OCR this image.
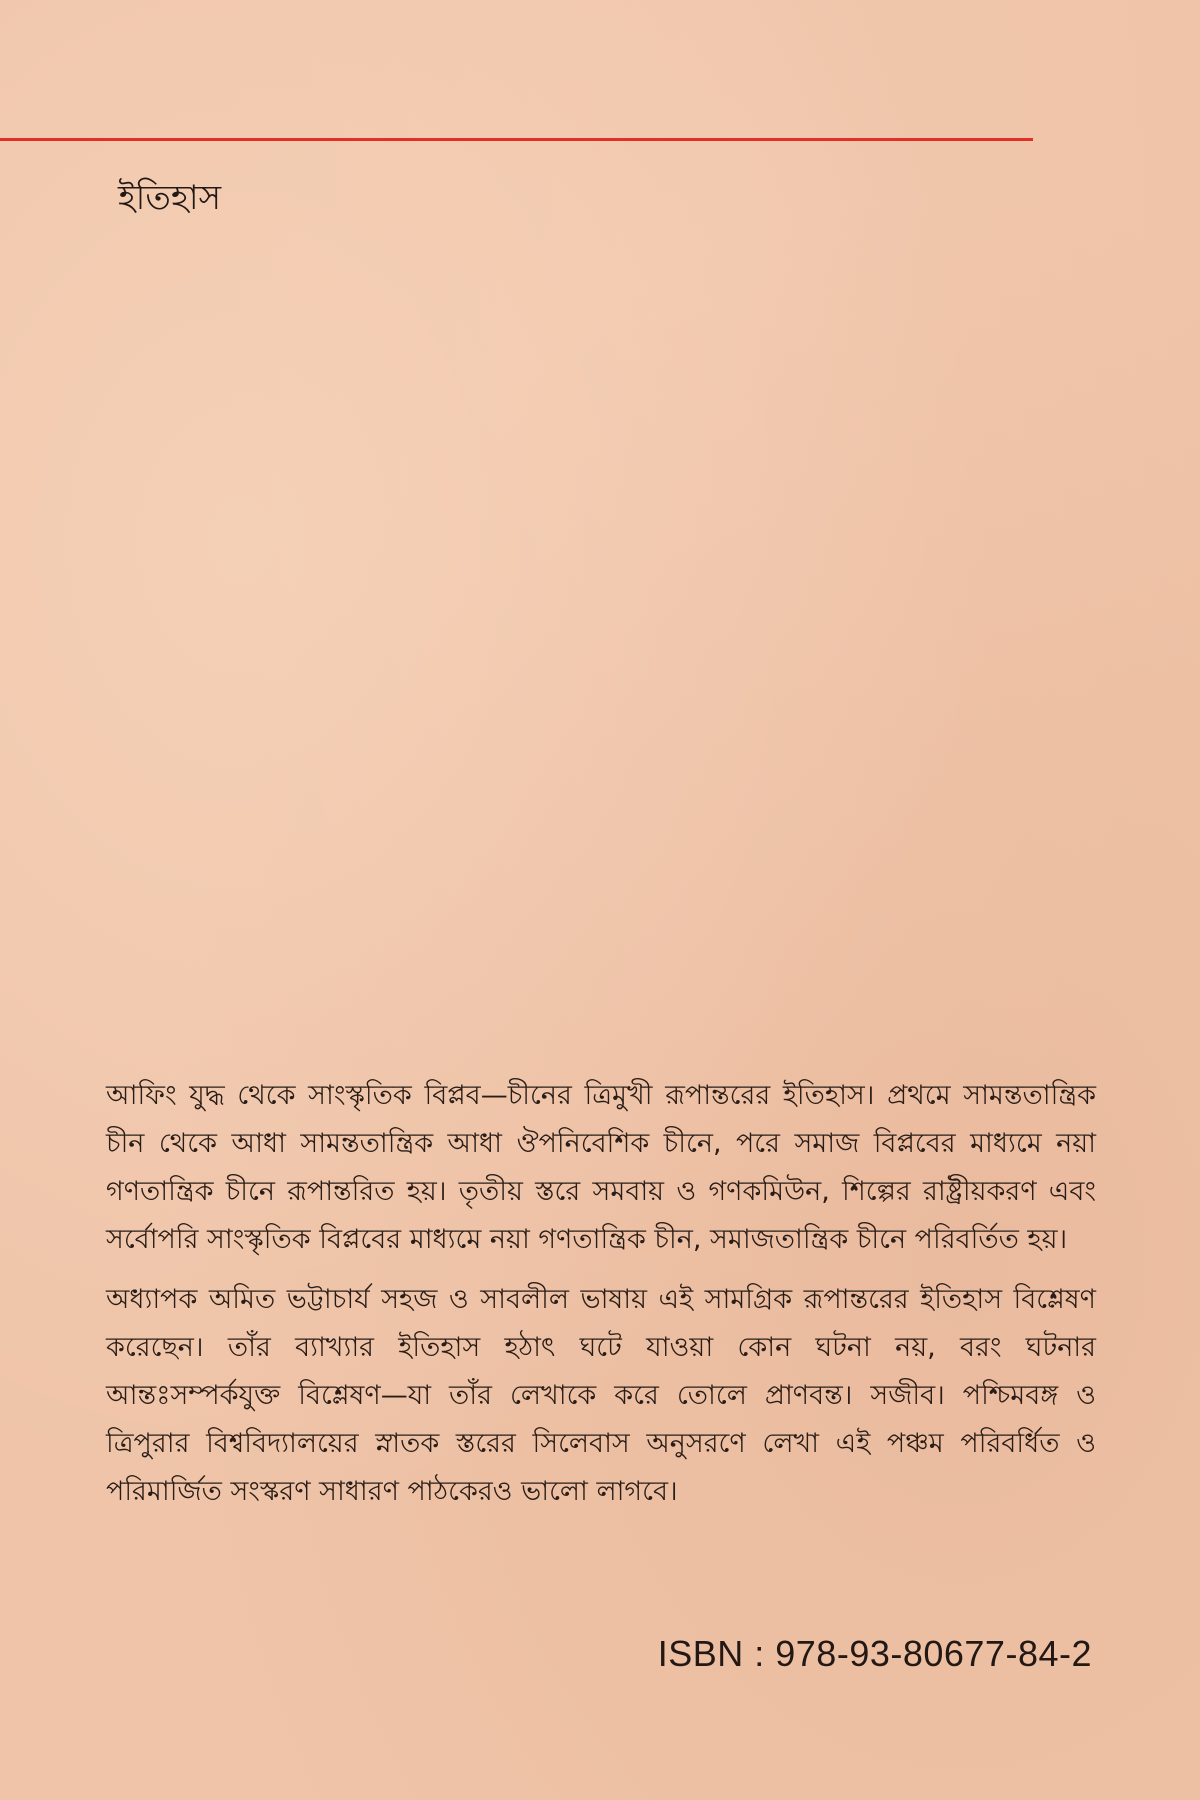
ইতিহাস

আফিং যুদ্ধ থেকে সাংস্কৃতিক বিপ্লব—চীনের ত্রিমুখী রূপান্তরের ইতিহাস। প্রথমে সামন্ততান্ত্রিক চীন থেকে আধা সামন্ততান্ত্রিক আধা ঔপনিবেশিক চীনে, পরে সমাজ বিপ্লবের মাধ্যমে নয়া গণতান্ত্রিক চীনে রূপান্তরিত হয়। তৃতীয় স্তরে সমবায় ও গণকমিউন, শিল্পের রাষ্ট্রীয়করণ এবং সর্বোপরি সাংস্কৃতিক বিপ্লবের মাধ্যমে নয়া গণতান্ত্রিক চীন, সমাজতান্ত্রিক চীনে পরিবর্তিত হয়।

অধ্যাপক অমিত ভট্টাচার্য সহজ ও সাবলীল ভাষায় এই সামগ্রিক রূপান্তরের ইতিহাস বিশ্লেষণ করেছেন। তাঁর ব্যাখ্যার ইতিহাস হঠাৎ ঘটে যাওয়া কোন ঘটনা নয়, বরং ঘটনার আন্তঃসম্পর্কযুক্ত বিশ্লেষণ—যা তাঁর লেখাকে করে তোলে প্রাণবন্ত। সজীব। পশ্চিমবঙ্গ ও ত্রিপুরার বিশ্ববিদ্যালয়ের স্নাতক স্তরের সিলেবাস অনুসরণে লেখা এই পঞ্চম পরিবর্ধিত ও পরিমার্জিত সংস্করণ সাধারণ পাঠকেরও ভালো লাগবে।

ISBN : 978-93-80677-84-2
